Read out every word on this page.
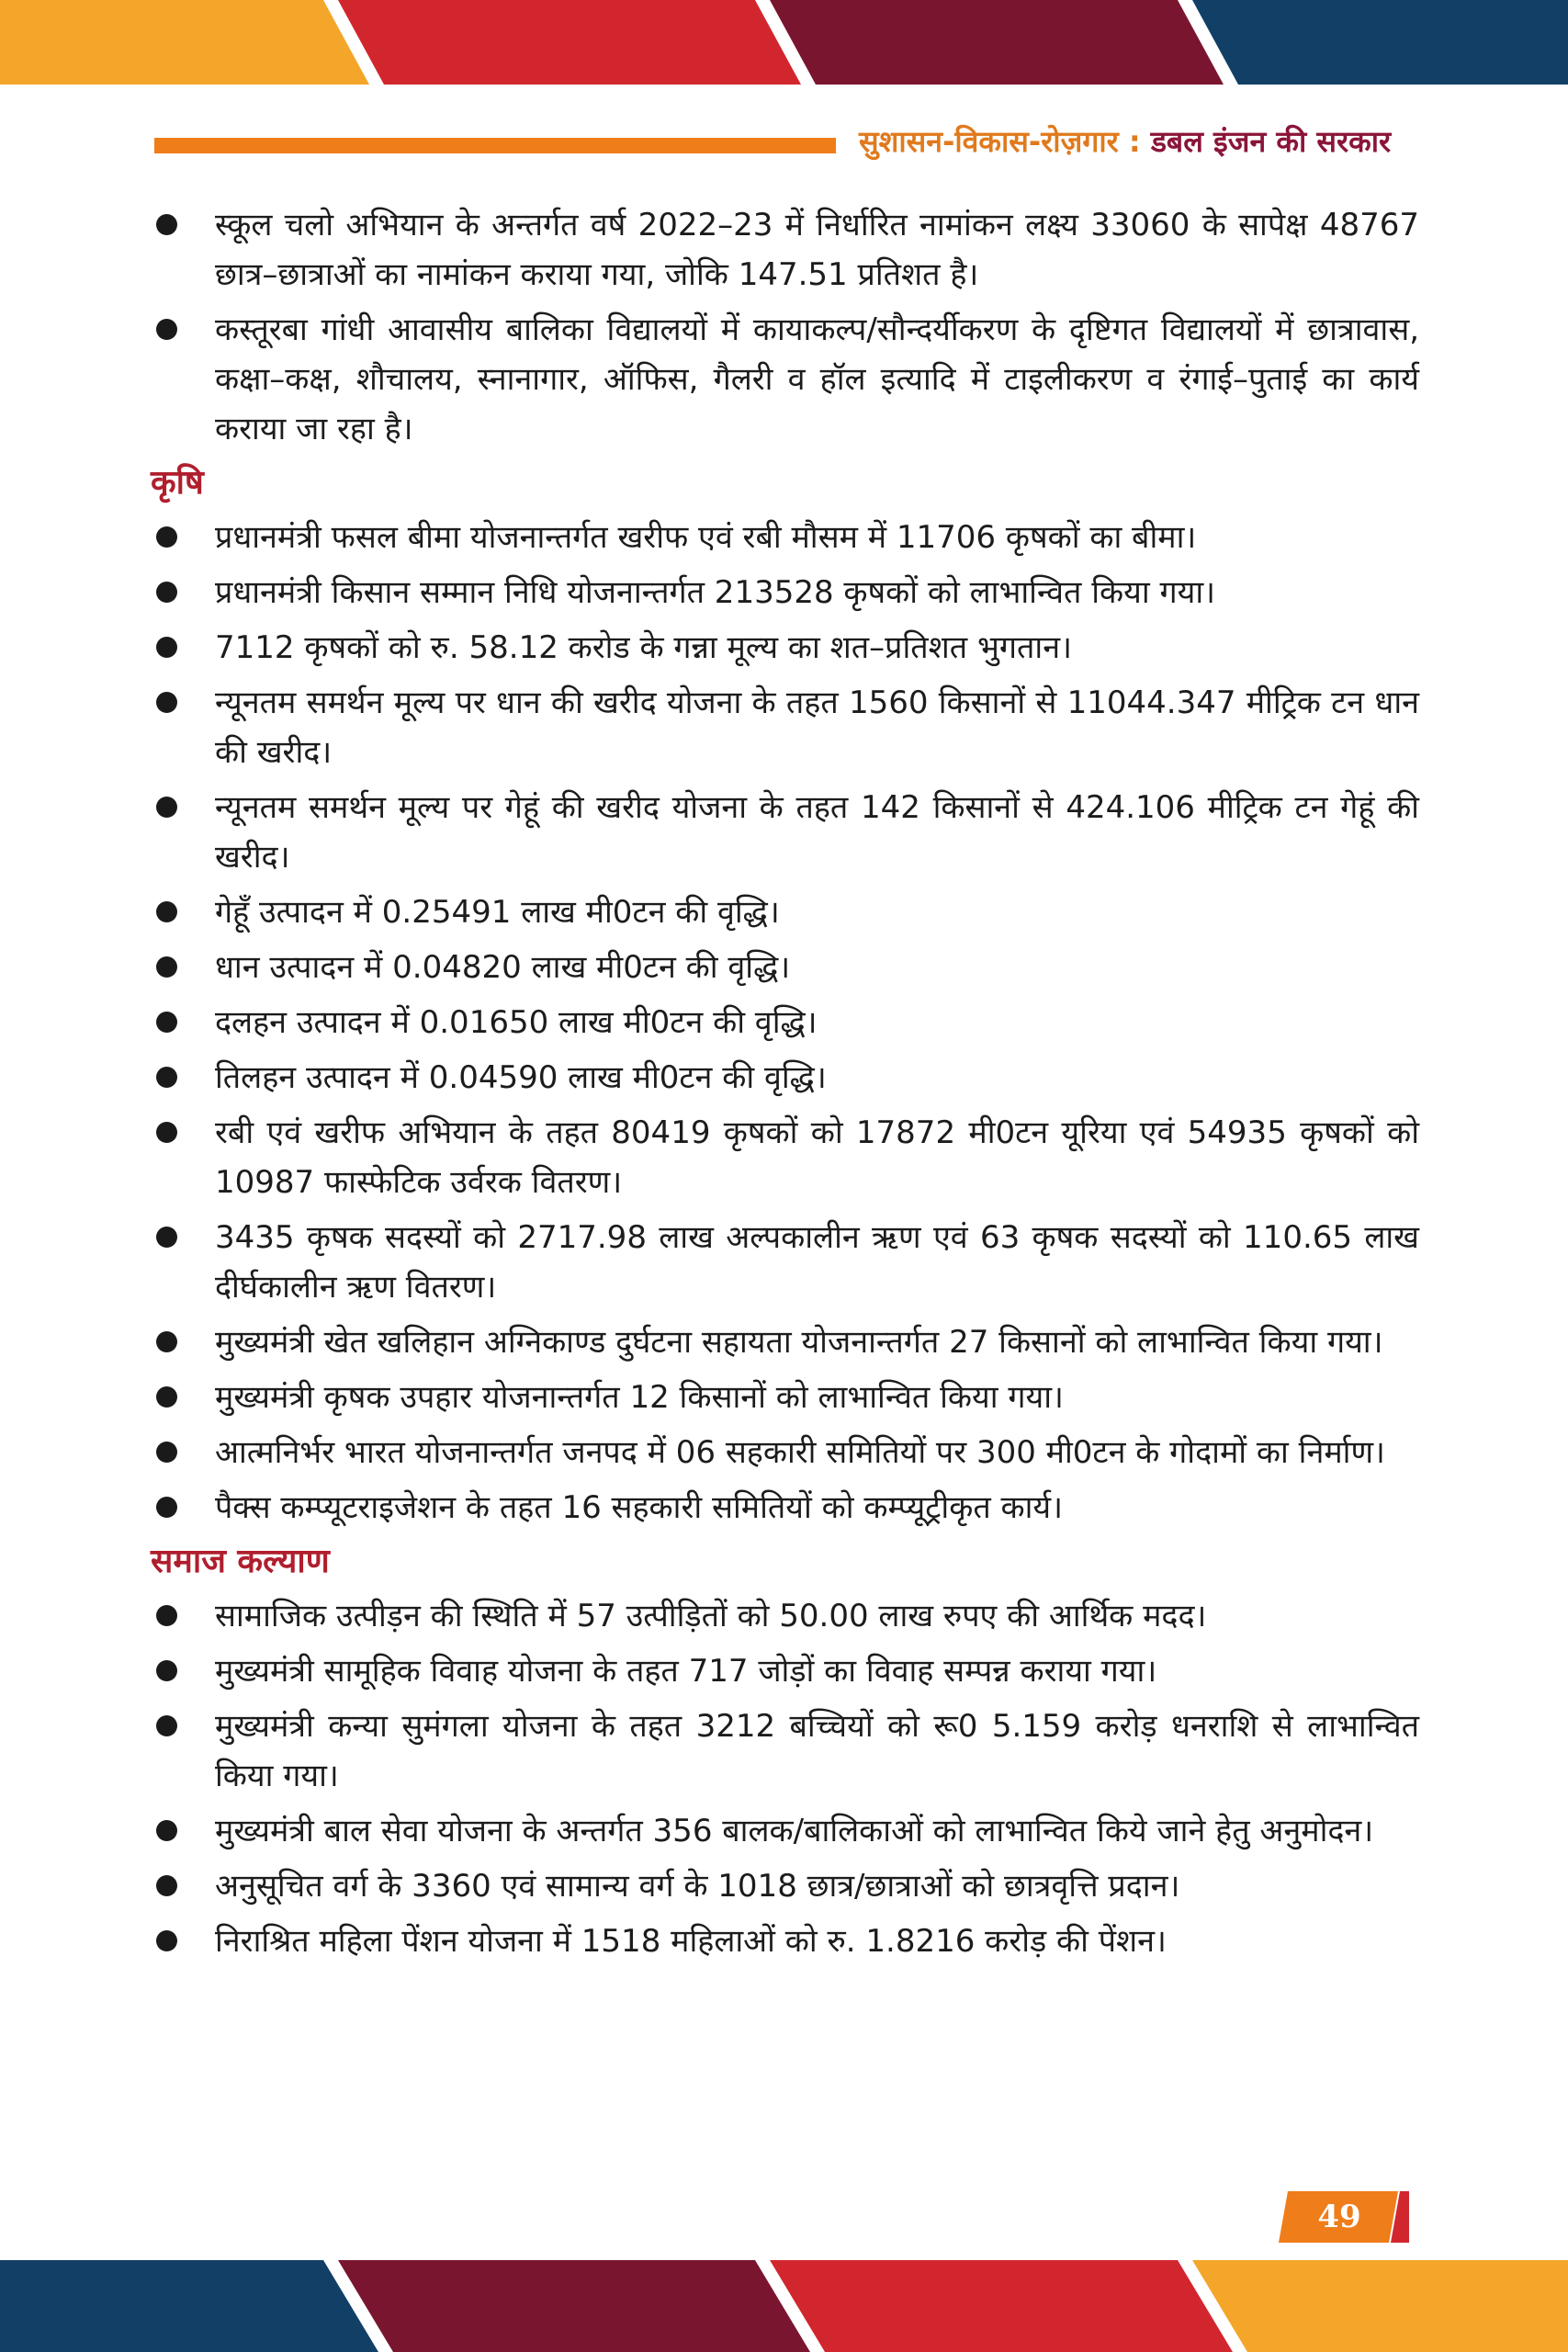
सुशासन-विकास-रोज़गार : डबल इंजन की सरकार
स्कूल चलो अभियान के अन्तर्गत वर्ष 2022–23 में निर्धारित नामांकन लक्ष्य 33060 के सापेक्ष 48767 छात्र–छात्राओं का नामांकन कराया गया, जोकि 147.51 प्रतिशत है।
कस्तूरबा गांधी आवासीय बालिका विद्यालयों में कायाकल्प/सौन्दर्यीकरण के दृष्टिगत विद्यालयों में छात्रावास, कक्षा–कक्ष, शौचालय, स्नानागार, ऑफिस, गैलरी व हॉल इत्यादि में टाइलीकरण व रंगाई–पुताई का कार्य कराया जा रहा है।
कृषि
प्रधानमंत्री फसल बीमा योजनान्तर्गत खरीफ एवं रबी मौसम में 11706 कृषकों का बीमा।
प्रधानमंत्री किसान सम्मान निधि योजनान्तर्गत 213528 कृषकों को लाभान्वित किया गया।
7112 कृषकों को रु. 58.12 करोड के गन्ना मूल्य का शत–प्रतिशत भुगतान।
न्यूनतम समर्थन मूल्य पर धान की खरीद योजना के तहत 1560 किसानों से 11044.347 मीट्रिक टन धान की खरीद।
न्यूनतम समर्थन मूल्य पर गेहूं की खरीद योजना के तहत 142 किसानों से 424.106 मीट्रिक टन गेहूं की खरीद।
गेहूँ उत्पादन में 0.25491 लाख मी0टन की वृद्धि।
धान उत्पादन में 0.04820 लाख मी0टन की वृद्धि।
दलहन उत्पादन में 0.01650 लाख मी0टन की वृद्धि।
तिलहन उत्पादन में 0.04590 लाख मी0टन की वृद्धि।
रबी एवं खरीफ अभियान के तहत 80419 कृषकों को 17872 मी0टन यूरिया एवं 54935 कृषकों को 10987 फास्फेटिक उर्वरक वितरण।
3435 कृषक सदस्यों को 2717.98 लाख अल्पकालीन ऋण एवं 63 कृषक सदस्यों को 110.65 लाख दीर्घकालीन ऋण वितरण।
मुख्यमंत्री खेत खलिहान अग्निकाण्ड दुर्घटना सहायता योजनान्तर्गत 27 किसानों को लाभान्वित किया गया।
मुख्यमंत्री कृषक उपहार योजनान्तर्गत 12 किसानों को लाभान्वित किया गया।
आत्मनिर्भर भारत योजनान्तर्गत जनपद में 06 सहकारी समितियों पर 300 मी0टन के गोदामों का निर्माण।
पैक्स कम्प्यूटराइजेशन के तहत 16 सहकारी समितियों को कम्प्यूट्रीकृत कार्य।
समाज कल्याण
सामाजिक उत्पीड़न की स्थिति में 57 उत्पीड़ितों को 50.00 लाख रुपए की आर्थिक मदद।
मुख्यमंत्री सामूहिक विवाह योजना के तहत 717 जोड़ों का विवाह सम्पन्न कराया गया।
मुख्यमंत्री कन्या सुमंगला योजना के तहत 3212 बच्चियों को रू0 5.159 करोड़ धनराशि से लाभान्वित किया गया।
मुख्यमंत्री बाल सेवा योजना के अन्तर्गत 356 बालक/बालिकाओं को लाभान्वित किये जाने हेतु अनुमोदन।
अनुसूचित वर्ग के 3360 एवं सामान्य वर्ग के 1018 छात्र/छात्राओं को छात्रवृत्ति प्रदान।
निराश्रित महिला पेंशन योजना में 1518 महिलाओं को रु. 1.8216 करोड़ की पेंशन।
49
